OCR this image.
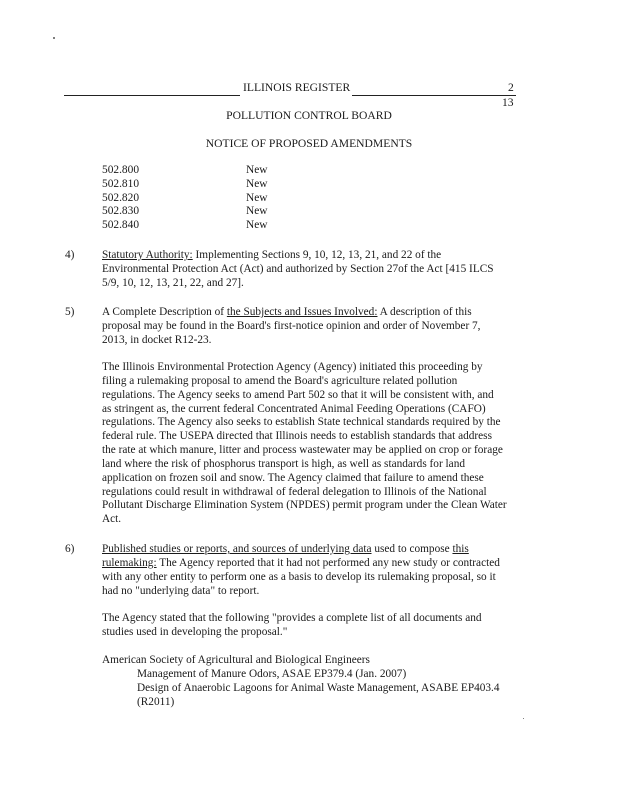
ILLINOIS REGISTER	2
13
POLLUTION CONTROL BOARD
NOTICE OF PROPOSED AMENDMENTS
502.800	New
502.810	New
502.820	New
502.830	New
502.840	New
4) Statutory Authority: Implementing Sections 9, 10, 12, 13, 21, and 22 of the
Environmental Protection Act (Act) and authorized by Section 27of the Act [415 ILCS
5/9, 10, 12, 13, 21, 22, and 27].
5) A Complete Description of the Subjects and Issues Involved: A description of this
proposal may be found in the Board's first-notice opinion and order of November 7,
2013, in docket R12-23.
The Illinois Environmental Protection Agency (Agency) initiated this proceeding by
filing a rulemaking proposal to amend the Board's agriculture related pollution
regulations. The Agency seeks to amend Part 502 so that it will be consistent with, and
as stringent as, the current federal Concentrated Animal Feeding Operations (CAFO)
regulations. The Agency also seeks to establish State technical standards required by the
federal rule. The USEPA directed that Illinois needs to establish standards that address
the rate at which manure, litter and process wastewater may be applied on crop or forage
land where the risk of phosphorus transport is high, as well as standards for land
application on frozen soil and snow. The Agency claimed that failure to amend these
regulations could result in withdrawal of federal delegation to Illinois of the National
Pollutant Discharge Elimination System (NPDES) permit program under the Clean Water
Act.
6) Published studies or reports, and sources of underlying data used to compose this
rulemaking: The Agency reported that it had not performed any new study or contracted
with any other entity to perform one as a basis to develop its rulemaking proposal, so it
had no "underlying data" to report.
The Agency stated that the following "provides a complete list of all documents and
studies used in developing the proposal."
American Society of Agricultural and Biological Engineers
Management of Manure Odors, ASAE EP379.4 (Jan. 2007)
Design of Anaerobic Lagoons for Animal Waste Management, ASABE EP403.4
(R2011)
